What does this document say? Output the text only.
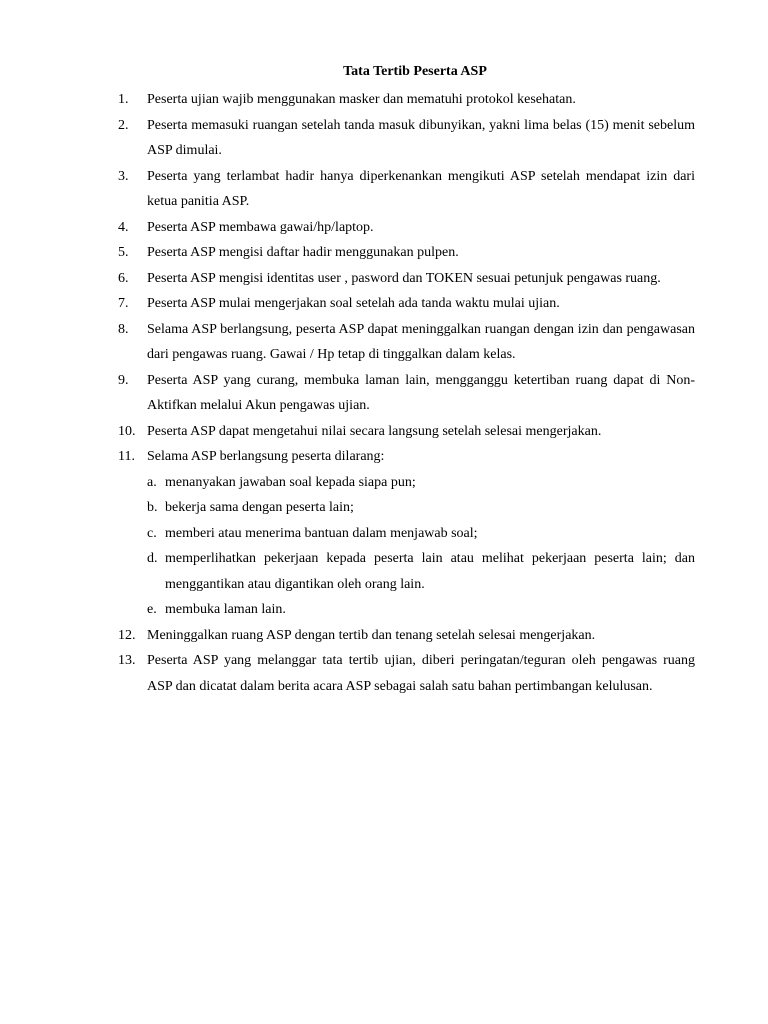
Tata Tertib Peserta ASP
1.	Peserta ujian wajib menggunakan masker dan mematuhi protokol kesehatan.
2.	Peserta memasuki ruangan setelah tanda masuk dibunyikan, yakni lima belas (15) menit sebelum ASP dimulai.
3.	Peserta yang terlambat hadir hanya diperkenankan mengikuti ASP setelah mendapat izin dari ketua panitia ASP.
4.	Peserta ASP membawa gawai/hp/laptop.
5.	Peserta ASP mengisi daftar hadir menggunakan pulpen.
6.	Peserta ASP mengisi identitas user , pasword dan TOKEN sesuai petunjuk pengawas ruang.
7.	Peserta ASP mulai mengerjakan soal setelah ada tanda waktu mulai ujian.
8.	Selama ASP berlangsung, peserta ASP dapat meninggalkan ruangan dengan izin dan pengawasan dari pengawas ruang. Gawai / Hp tetap di tinggalkan dalam kelas.
9.	Peserta ASP yang curang, membuka laman lain, mengganggu ketertiban ruang dapat di Non-Aktifkan melalui Akun pengawas ujian.
10. Peserta ASP dapat mengetahui nilai secara langsung setelah selesai mengerjakan.
11. Selama ASP berlangsung peserta dilarang:
a. menanyakan jawaban soal kepada siapa pun;
b. bekerja sama dengan peserta lain;
c. memberi atau menerima bantuan dalam menjawab soal;
d. memperlihatkan pekerjaan kepada peserta lain atau melihat pekerjaan peserta lain; dan menggantikan atau digantikan oleh orang lain.
e. membuka laman lain.
12. Meninggalkan ruang ASP dengan tertib dan tenang setelah selesai mengerjakan.
13. Peserta ASP yang melanggar tata tertib ujian, diberi peringatan/teguran oleh pengawas ruang ASP dan dicatat dalam berita acara ASP sebagai salah satu bahan pertimbangan kelulusan.
